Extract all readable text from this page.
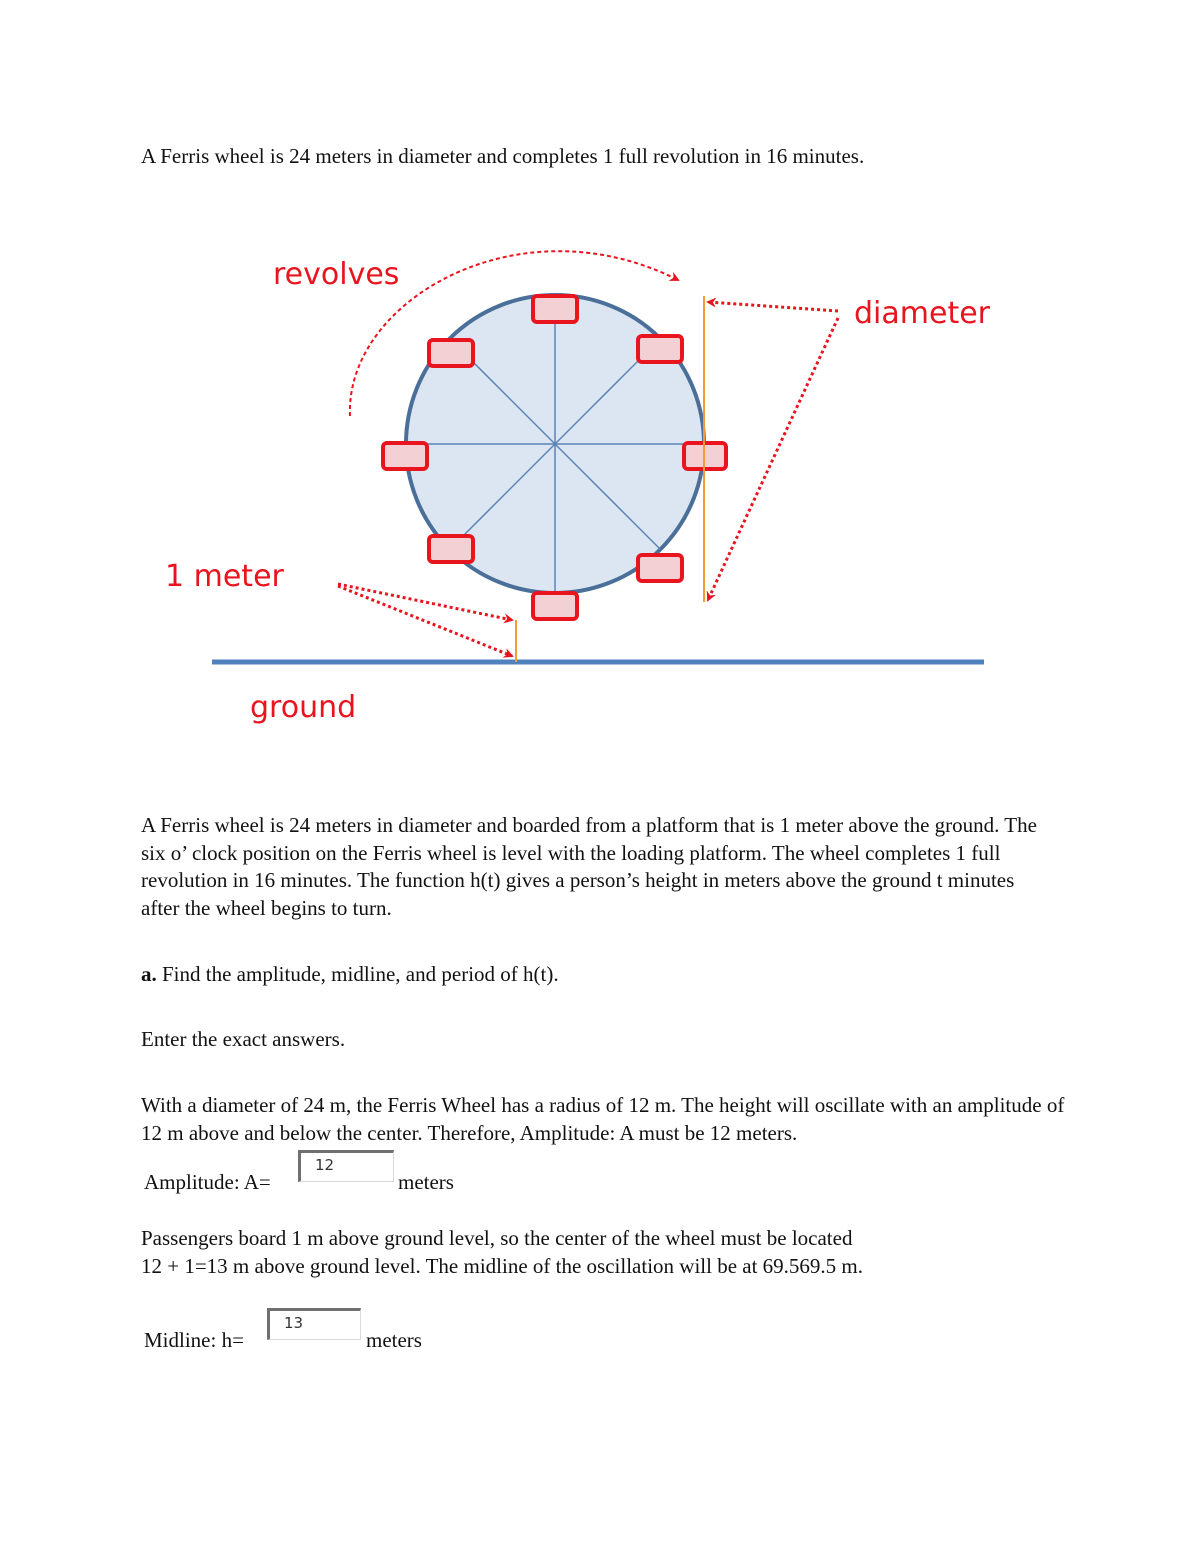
A Ferris wheel is 24 meters in diameter and completes 1 full revolution in 16 minutes.

revolves
diameter
1 meter
ground

A Ferris wheel is 24 meters in diameter and boarded from a platform that is 1 meter above the ground. The six o’ clock position on the Ferris wheel is level with the loading platform. The wheel completes 1 full revolution in 16 minutes. The function h(t) gives a person’s height in meters above the ground t minutes after the wheel begins to turn.

a. Find the amplitude, midline, and period of h(t).

Enter the exact answers.

With a diameter of 24 m, the Ferris Wheel has a radius of 12 m. The height will oscillate with an amplitude of 12 m above and below the center. Therefore, Amplitude: A must be 12 meters.

Amplitude: A=
12
meters

Passengers board 1 m above ground level, so the center of the wheel must be located
12 + 1=13 m above ground level. The midline of the oscillation will be at 69.569.5 m.

Midline: h=
13
meters
